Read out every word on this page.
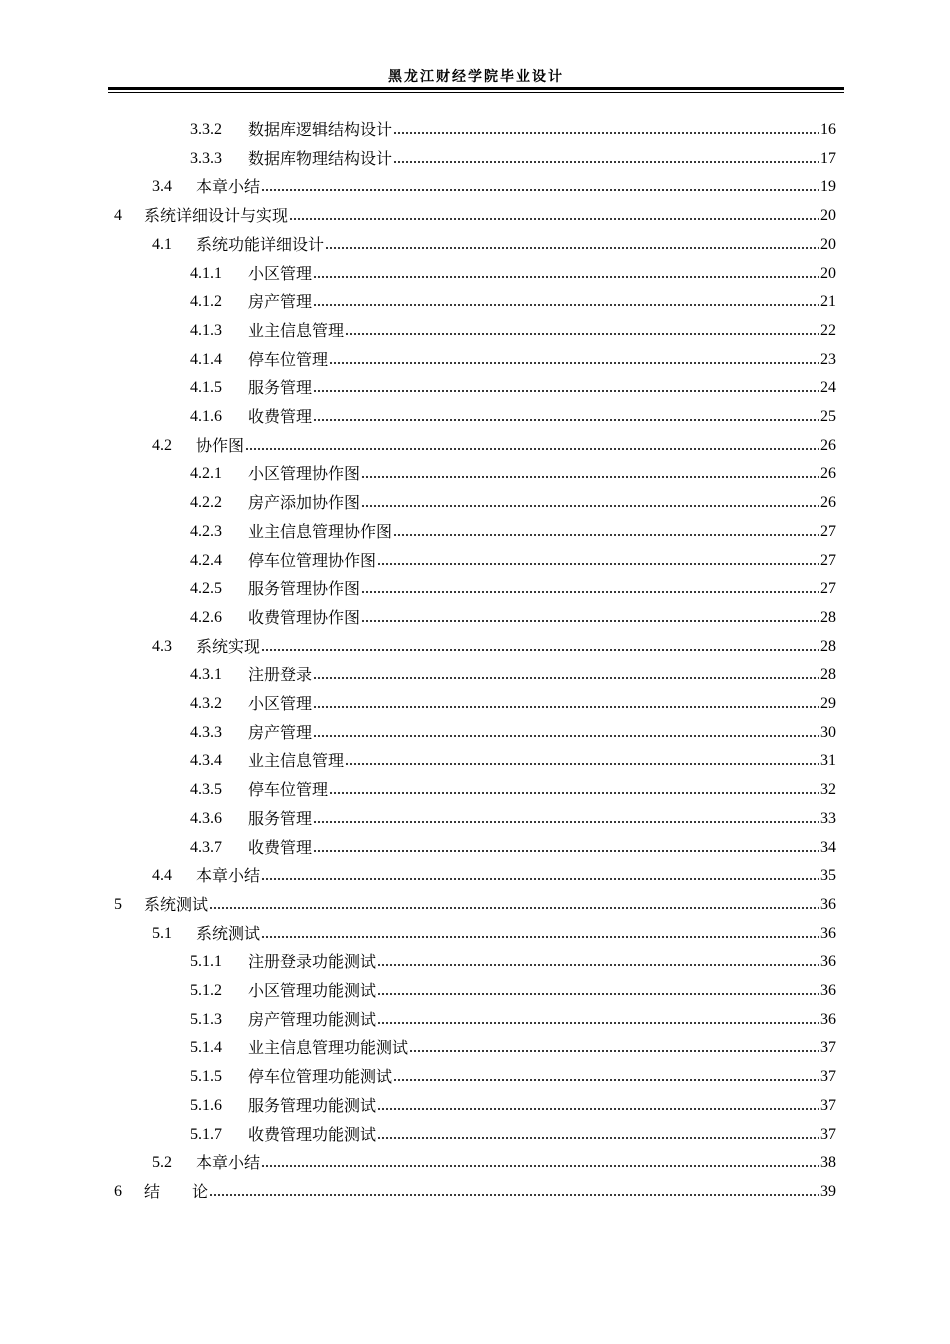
黑龙江财经学院毕业设计
3.3.2	数据库逻辑结构设计	16
3.3.3	数据库物理结构设计	17
3.4	本章小结	19
4	系统详细设计与实现	20
4.1	系统功能详细设计	20
4.1.1	小区管理	20
4.1.2	房产管理	21
4.1.3	业主信息管理	22
4.1.4	停车位管理	23
4.1.5	服务管理	24
4.1.6	收费管理	25
4.2	协作图	26
4.2.1	小区管理协作图	26
4.2.2	房产添加协作图	26
4.2.3	业主信息管理协作图	27
4.2.4	停车位管理协作图	27
4.2.5	服务管理协作图	27
4.2.6	收费管理协作图	28
4.3	系统实现	28
4.3.1	注册登录	28
4.3.2	小区管理	29
4.3.3	房产管理	30
4.3.4	业主信息管理	31
4.3.5	停车位管理	32
4.3.6	服务管理	33
4.3.7	收费管理	34
4.4	本章小结	35
5	系统测试	36
5.1	系统测试	36
5.1.1	注册登录功能测试	36
5.1.2	小区管理功能测试	36
5.1.3	房产管理功能测试	36
5.1.4	业主信息管理功能测试	37
5.1.5	停车位管理功能测试	37
5.1.6	服务管理功能测试	37
5.1.7	收费管理功能测试	37
5.2	本章小结	38
6	结　　论	39
